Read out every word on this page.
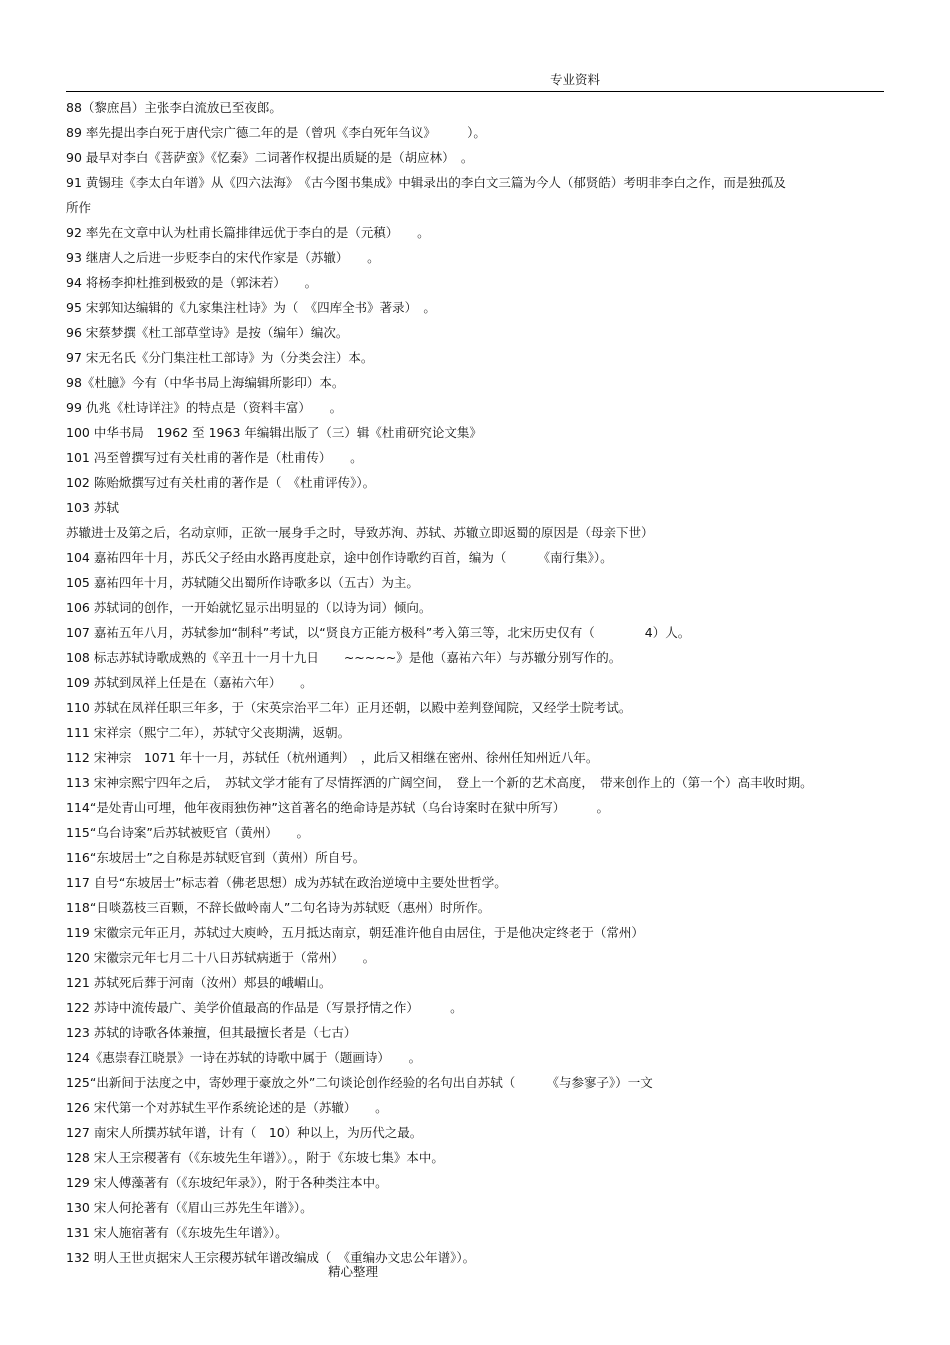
专业资料
88（黎庶昌）主张李白流放已至夜郎。
89 率先提出李白死于唐代宗广德二年的是（曾巩《李白死年刍议》　　　）。
90 最早对李白《菩萨蛮》《忆秦》二词著作权提出质疑的是（胡应林）　。
91 黄锡珪《李太白年谱》从《四六法海》　《古今图书集成》中辑录出的李白文三篇为今人（郁贤皓）考明非李白之作，而是独孤及
所作
92 率先在文章中认为杜甫长篇排律远优于李白的是（元稹）　　。
93 继唐人之后进一步贬李白的宋代作家是（苏辙）　　。
94 将杨李抑杜推到极致的是（郭沫若）　　。
95 宋郭知达编辑的《九家集注杜诗》为（　《四库全书》著录）　。
96 宋蔡梦撰《杜工部草堂诗》是按（编年）编次。
97 宋无名氏《分门集注杜工部诗》为（分类会注）本。
98《杜臆》今有（中华书局上海编辑所影印）本。
99 仇兆《杜诗详注》的特点是（资料丰富）　　。
100 中华书局　1962 至 1963 年编辑出版了（三）辑《杜甫研究论文集》
101 冯至曾撰写过有关杜甫的著作是（杜甫传）　　。
102 陈贻焮撰写过有关杜甫的著作是（　《杜甫评传》）。
103 苏轼
苏辙进士及第之后，名动京师，正欲一展身手之时，导致苏洵、苏轼、苏辙立即返蜀的原因是（母亲下世）
104 嘉祐四年十月，苏氏父子经由水路再度赴京，途中创作诗歌约百首，编为（　　　《南行集》）。
105 嘉祐四年十月，苏轼随父出蜀所作诗歌多以（五古）为主。
106 苏轼词的创作，一开始就忆显示出明显的（以诗为词）倾向。
107 嘉祐五年八月，苏轼参加“制科”考试，以“贤良方正能方极科”考入第三等，北宋历史仅有（　　　　4）人。
108 标志苏轼诗歌成熟的《辛丑十一月十九日　　~~~~~》是他（嘉祐六年）与苏辙分别写作的。
109 苏轼到凤祥上任是在（嘉祐六年）　　。
110 苏轼在凤祥任职三年多，于（宋英宗治平二年）正月还朝，以殿中差判登闻院，又经学士院考试。
111 宋祥宗（熙宁二年），苏轼守父丧期满，返朝。
112 宋神宗　1071 年十一月，苏轼任（杭州通判）　，此后又相继在密州、徐州任知州近八年。
113 宋神宗熙宁四年之后，　苏轼文学才能有了尽情挥洒的广阔空间，　登上一个新的艺术高度，　带来创作上的（第一个）高丰收时期。
114“是处青山可埋，他年夜雨独伤神”这首著名的绝命诗是苏轼（乌台诗案时在狱中所写）　　　。
115“乌台诗案”后苏轼被贬官（黄州）　　。
116“东坡居士”之自称是苏轼贬官到（黄州）所自号。
117 自号“东坡居士”标志着（佛老思想）成为苏轼在政治逆境中主要处世哲学。
118“日啖荔枝三百颗，不辞长做岭南人”二句名诗为苏轼贬（惠州）时所作。
119 宋徽宗元年正月，苏轼过大庾岭，五月抵达南京，朝廷准许他自由居住，于是他决定终老于（常州）
120 宋徽宗元年七月二十八日苏轼病逝于（常州）　　。
121 苏轼死后葬于河南（汝州）郏县的峨嵋山。
122 苏诗中流传最广、美学价值最高的作品是（写景抒情之作）　　　。
123 苏轼的诗歌各体兼擅，但其最擅长者是（七古）
124《惠崇春江晓景》一诗在苏轼的诗歌中属于（题画诗）　　。
125“出新间于法度之中，寄妙理于豪放之外”二句谈论创作经验的名句出自苏轼（　　　《与参寥子》）一文
126 宋代第一个对苏轼生平作系统论述的是（苏辙）　　。
127 南宋人所撰苏轼年谱，计有（　10）种以上，为历代之最。
128 宋人王宗稷著有（《东坡先生年谱》）。，附于《东坡七集》本中。
129 宋人傅藻著有（《东坡纪年录》），附于各种类注本中。
130 宋人何抡著有（《眉山三苏先生年谱》）。
131 宋人施宿著有（《东坡先生年谱》）。
132 明人王世贞据宋人王宗稷苏轼年谱改编成（　《重编办文忠公年谱》）。
精心整理
